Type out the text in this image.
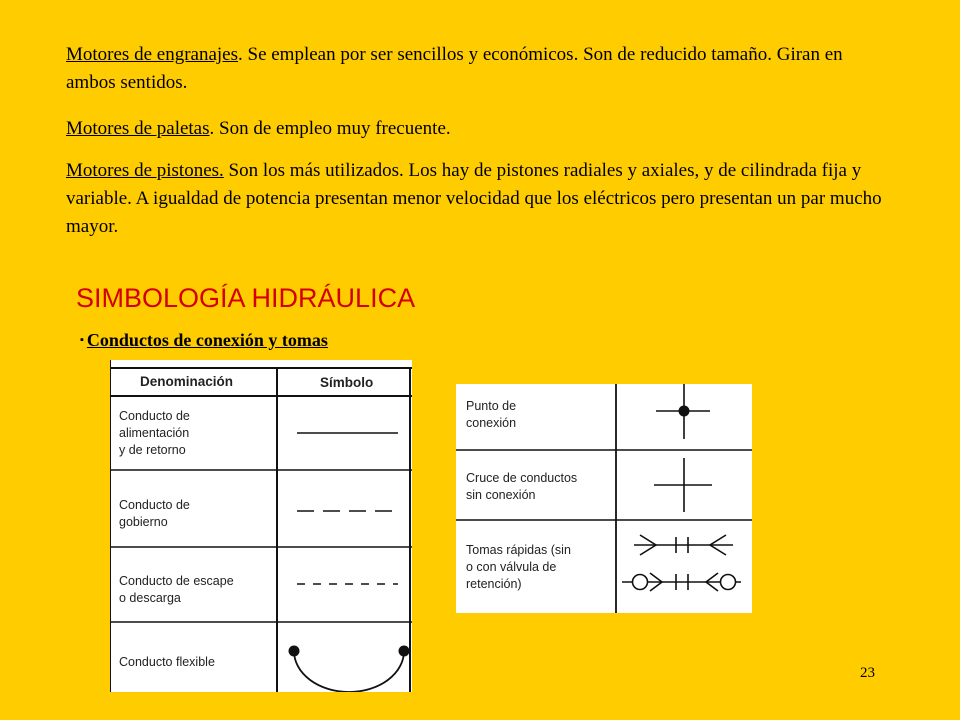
Motores de engranajes. Se emplean por ser sencillos y económicos. Son de reducido tamaño. Giran en ambos sentidos.

Motores de paletas. Son de empleo muy frecuente.

Motores de pistones. Son los más utilizados. Los hay de pistones radiales y axiales, y de cilindrada fija y variable. A igualdad de potencia presentan menor velocidad que los eléctricos pero presentan un par mucho mayor.

SIMBOLOGÍA HIDRÁULICA
▪ Conductos de conexión y tomas
Denominación	Símbolo
Conducto de
alimentación
y de retorno
Conducto de
gobierno
Conducto de escape
o descarga
Conducto flexible
Punto de
conexión
Cruce de conductos
sin conexión
Tomas rápidas (sin
o con válvula de
retención)
23
